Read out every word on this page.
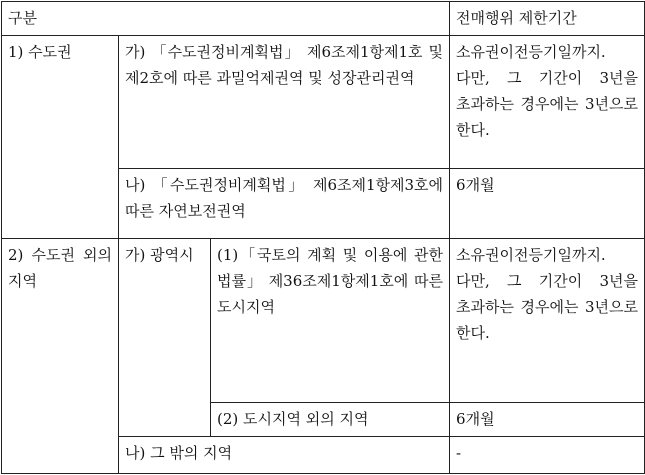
구분			전매행위 제한기간
1) 수도권	가) 「수도권정비계획법」 제6조제1항제1호 및 제2호에 따른 과밀억제권역 및 성장관리권역		소유권이전등기일까지. 다만, 그 기간이 3년을 초과하는 경우에는 3년으로 한다.
	나) 「수도권정비계획법」 제6조제1항제3호에 따른 자연보전권역		6개월
2) 수도권 외의 지역	가) 광역시	(1)「국토의 계획 및 이용에 관한 법률」 제36조제1항제1호에 따른 도시지역	소유권이전등기일까지. 다만, 그 기간이 3년을 초과하는 경우에는 3년으로 한다.
		(2) 도시지역 외의 지역	6개월
	나) 그 밖의 지역		-
